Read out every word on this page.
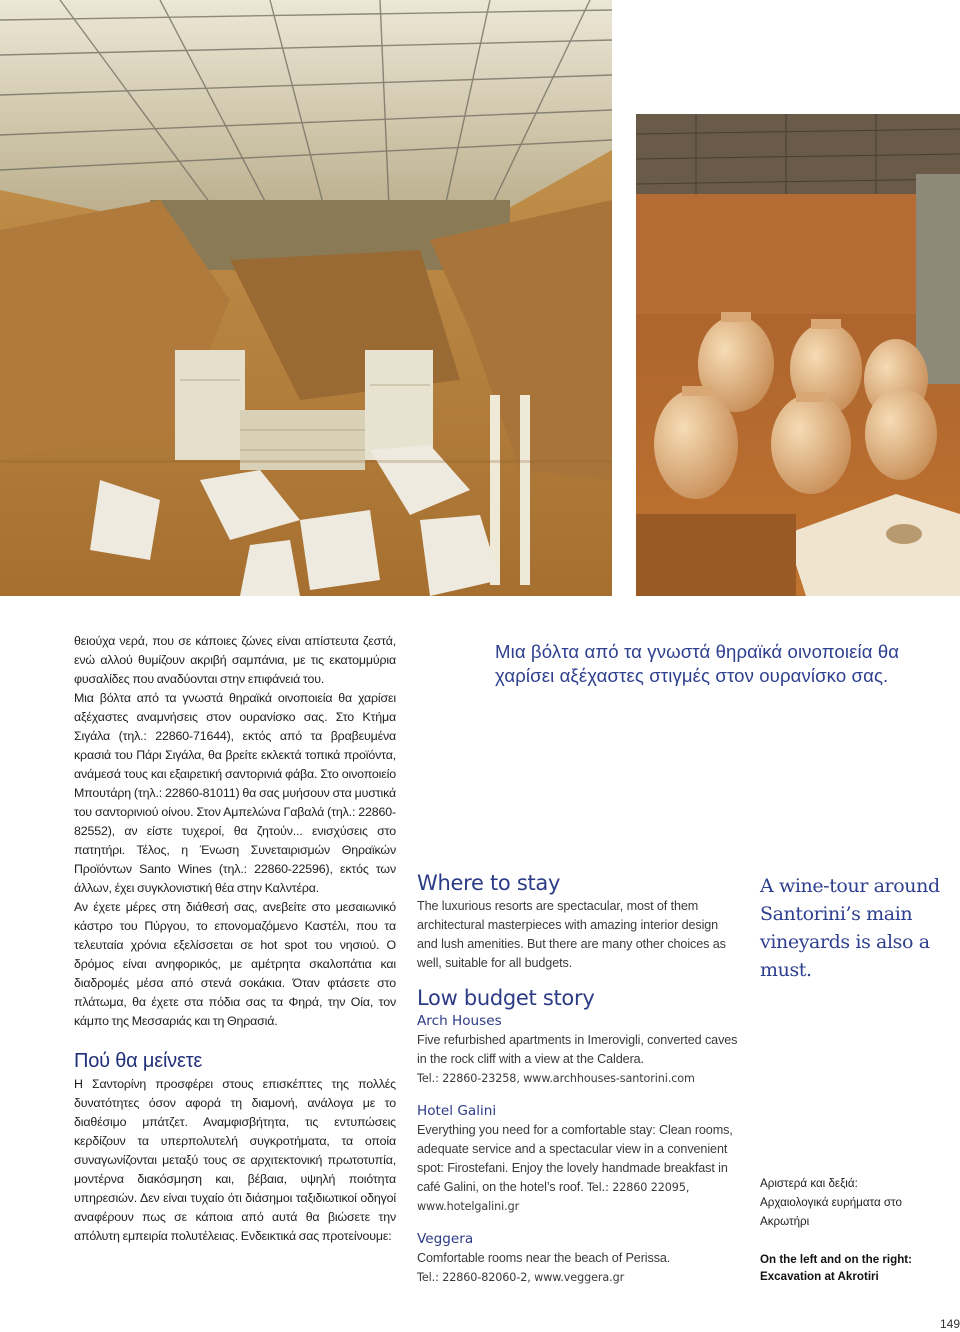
θειούχα νερά, που σε κάποιες ζώνες είναι απίστευτα ζεστά, ενώ αλλού θυμίζουν ακριβή σαμπάνια, με τις εκατομμύρια φυσαλίδες που αναδύονται στην επιφάνειά του.

Μια βόλτα από τα γνωστά θηραϊκά οινοποιεία θα χαρίσει αξέχαστες αναμνήσεις στον ουρανίσκο σας. Στο Κτήμα Σιγάλα (τηλ.: 22860-71644), εκτός από τα βραβευμένα κρασιά του Πάρι Σιγάλα, θα βρείτε εκλεκτά τοπικά προϊόντα, ανάμεσά τους και εξαιρετική σαντορινιά φάβα. Στο οινοποιείο Μπουτάρη (τηλ.: 22860-81011) θα σας μυήσουν στα μυστικά του σαντορινιού οίνου. Στον Αμπελώνα Γαβαλά (τηλ.: 22860-82552), αν είστε τυχεροί, θα ζητούν... ενισχύσεις στο πατητήρι. Τέλος, η Ένωση Συνεταιρισμών Θηραϊκών Προϊόντων Santo Wines (τηλ.: 22860-22596), εκτός των άλλων, έχει συγκλονιστική θέα στην Καλντέρα.

Αν έχετε μέρες στη διάθεσή σας, ανεβείτε στο μεσαιωνικό κάστρο του Πύργου, το επονομαζόμενο Καστέλι, που τα τελευταία χρόνια εξελίσσεται σε hot spot του νησιού. Ο δρόμος είναι ανηφορικός, με αμέτρητα σκαλοπάτια και διαδρομές μέσα από στενά σοκάκια. Όταν φτάσετε στο πλάτωμα, θα έχετε στα πόδια σας τα Φηρά, την Οία, τον κάμπο της Μεσσαριάς και τη Θηρασιά.

Πού θα μείνετε

Η Σαντορίνη προσφέρει στους επισκέπτες της πολλές δυνατότητες όσον αφορά τη διαμονή, ανάλογα με το διαθέσιμο μπάτζετ. Αναμφισβήτητα, τις εντυπώσεις κερδίζουν τα υπερπολυτελή συγκροτήματα, τα οποία συναγωνίζονται μεταξύ τους σε αρχιτεκτονική πρωτοτυπία, μοντέρνα διακόσμηση και, βέβαια, υψηλή ποιότητα υπηρεσιών. Δεν είναι τυχαίο ότι διάσημοι ταξιδιωτικοί οδηγοί αναφέρουν πως σε κάποια από αυτά θα βιώσετε την απόλυτη εμπειρία πολυτέλειας. Ενδεικτικά σας προτείνουμε:

Μια βόλτα από τα γνωστά θηραϊκά οινοποιεία θα χαρίσει αξέχαστες στιγμές στον ουρανίσκο σας.

Where to stay

The luxurious resorts are spectacular, most of them architectural masterpieces with amazing interior design and lush amenities. But there are many other choices as well, suitable for all budgets.

Low budget story
Arch Houses

Five refurbished apartments in Imerovigli, converted caves in the rock cliff with a view at the Caldera.
Tel.: 22860-23258, www.archhouses-santorini.com

Hotel Galini

Everything you need for a comfortable stay: Clean rooms, adequate service and a spectacular view in a convenient spot: Firostefani. Enjoy the lovely handmade breakfast in café Galini, on the hotel’s roof. Tel.: 22860 22095, www.hotelgalini.gr

Veggera

Comfortable rooms near the beach of Perissa.
Tel.: 22860-82060-2, www.veggera.gr

A wine-tour around Santorini’s main vineyards is also a must.

Αριστερά και δεξιά:
Αρχαιολογικά ευρήματα στο Ακρωτήρι

On the left and on the right:
Excavation at Akrotiri

149
